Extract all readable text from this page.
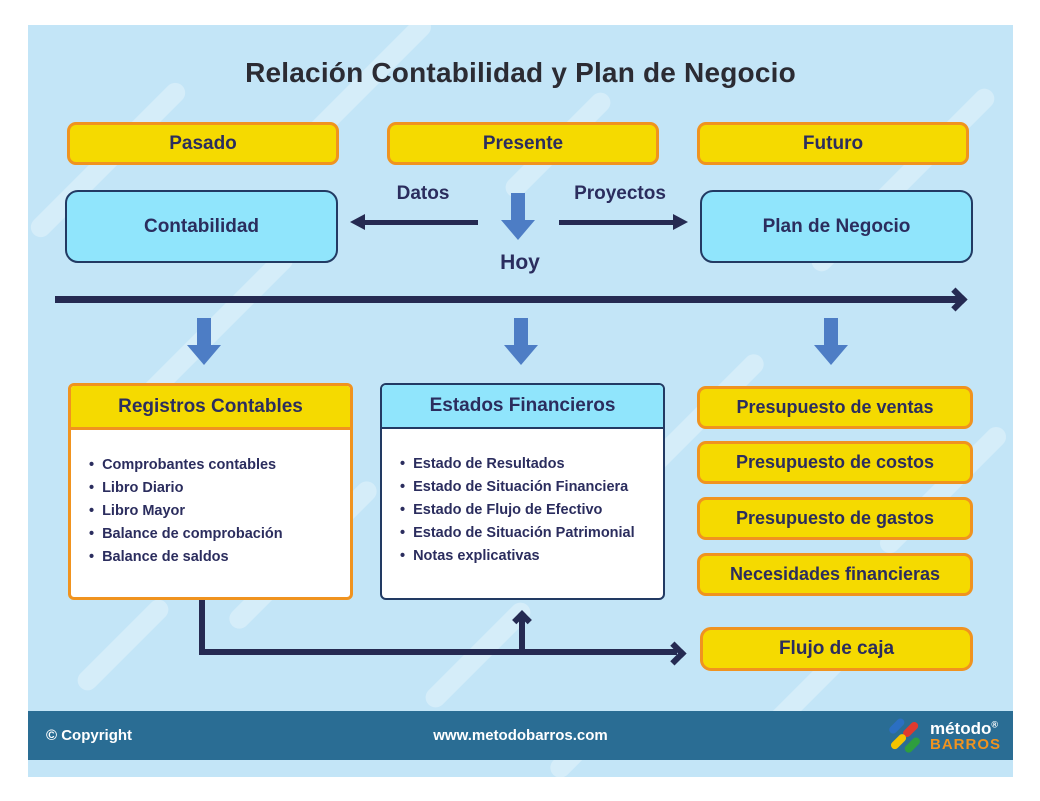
Relación Contabilidad y Plan de Negocio
Pasado	Presente	Futuro
Contabilidad	Plan de Negocio
Datos	Proyectos
Hoy
Registros Contables
• Comprobantes contables
• Libro Diario
• Libro Mayor
• Balance de comprobación
• Balance de saldos
Estados Financieros
• Estado de Resultados
• Estado de Situación Financiera
• Estado de Flujo de Efectivo
• Estado de Situación Patrimonial
• Notas explicativas
Presupuesto de ventas
Presupuesto de costos
Presupuesto de gastos
Necesidades financieras
Flujo de caja
© Copyright	www.metodobarros.com	método®
BARROS
